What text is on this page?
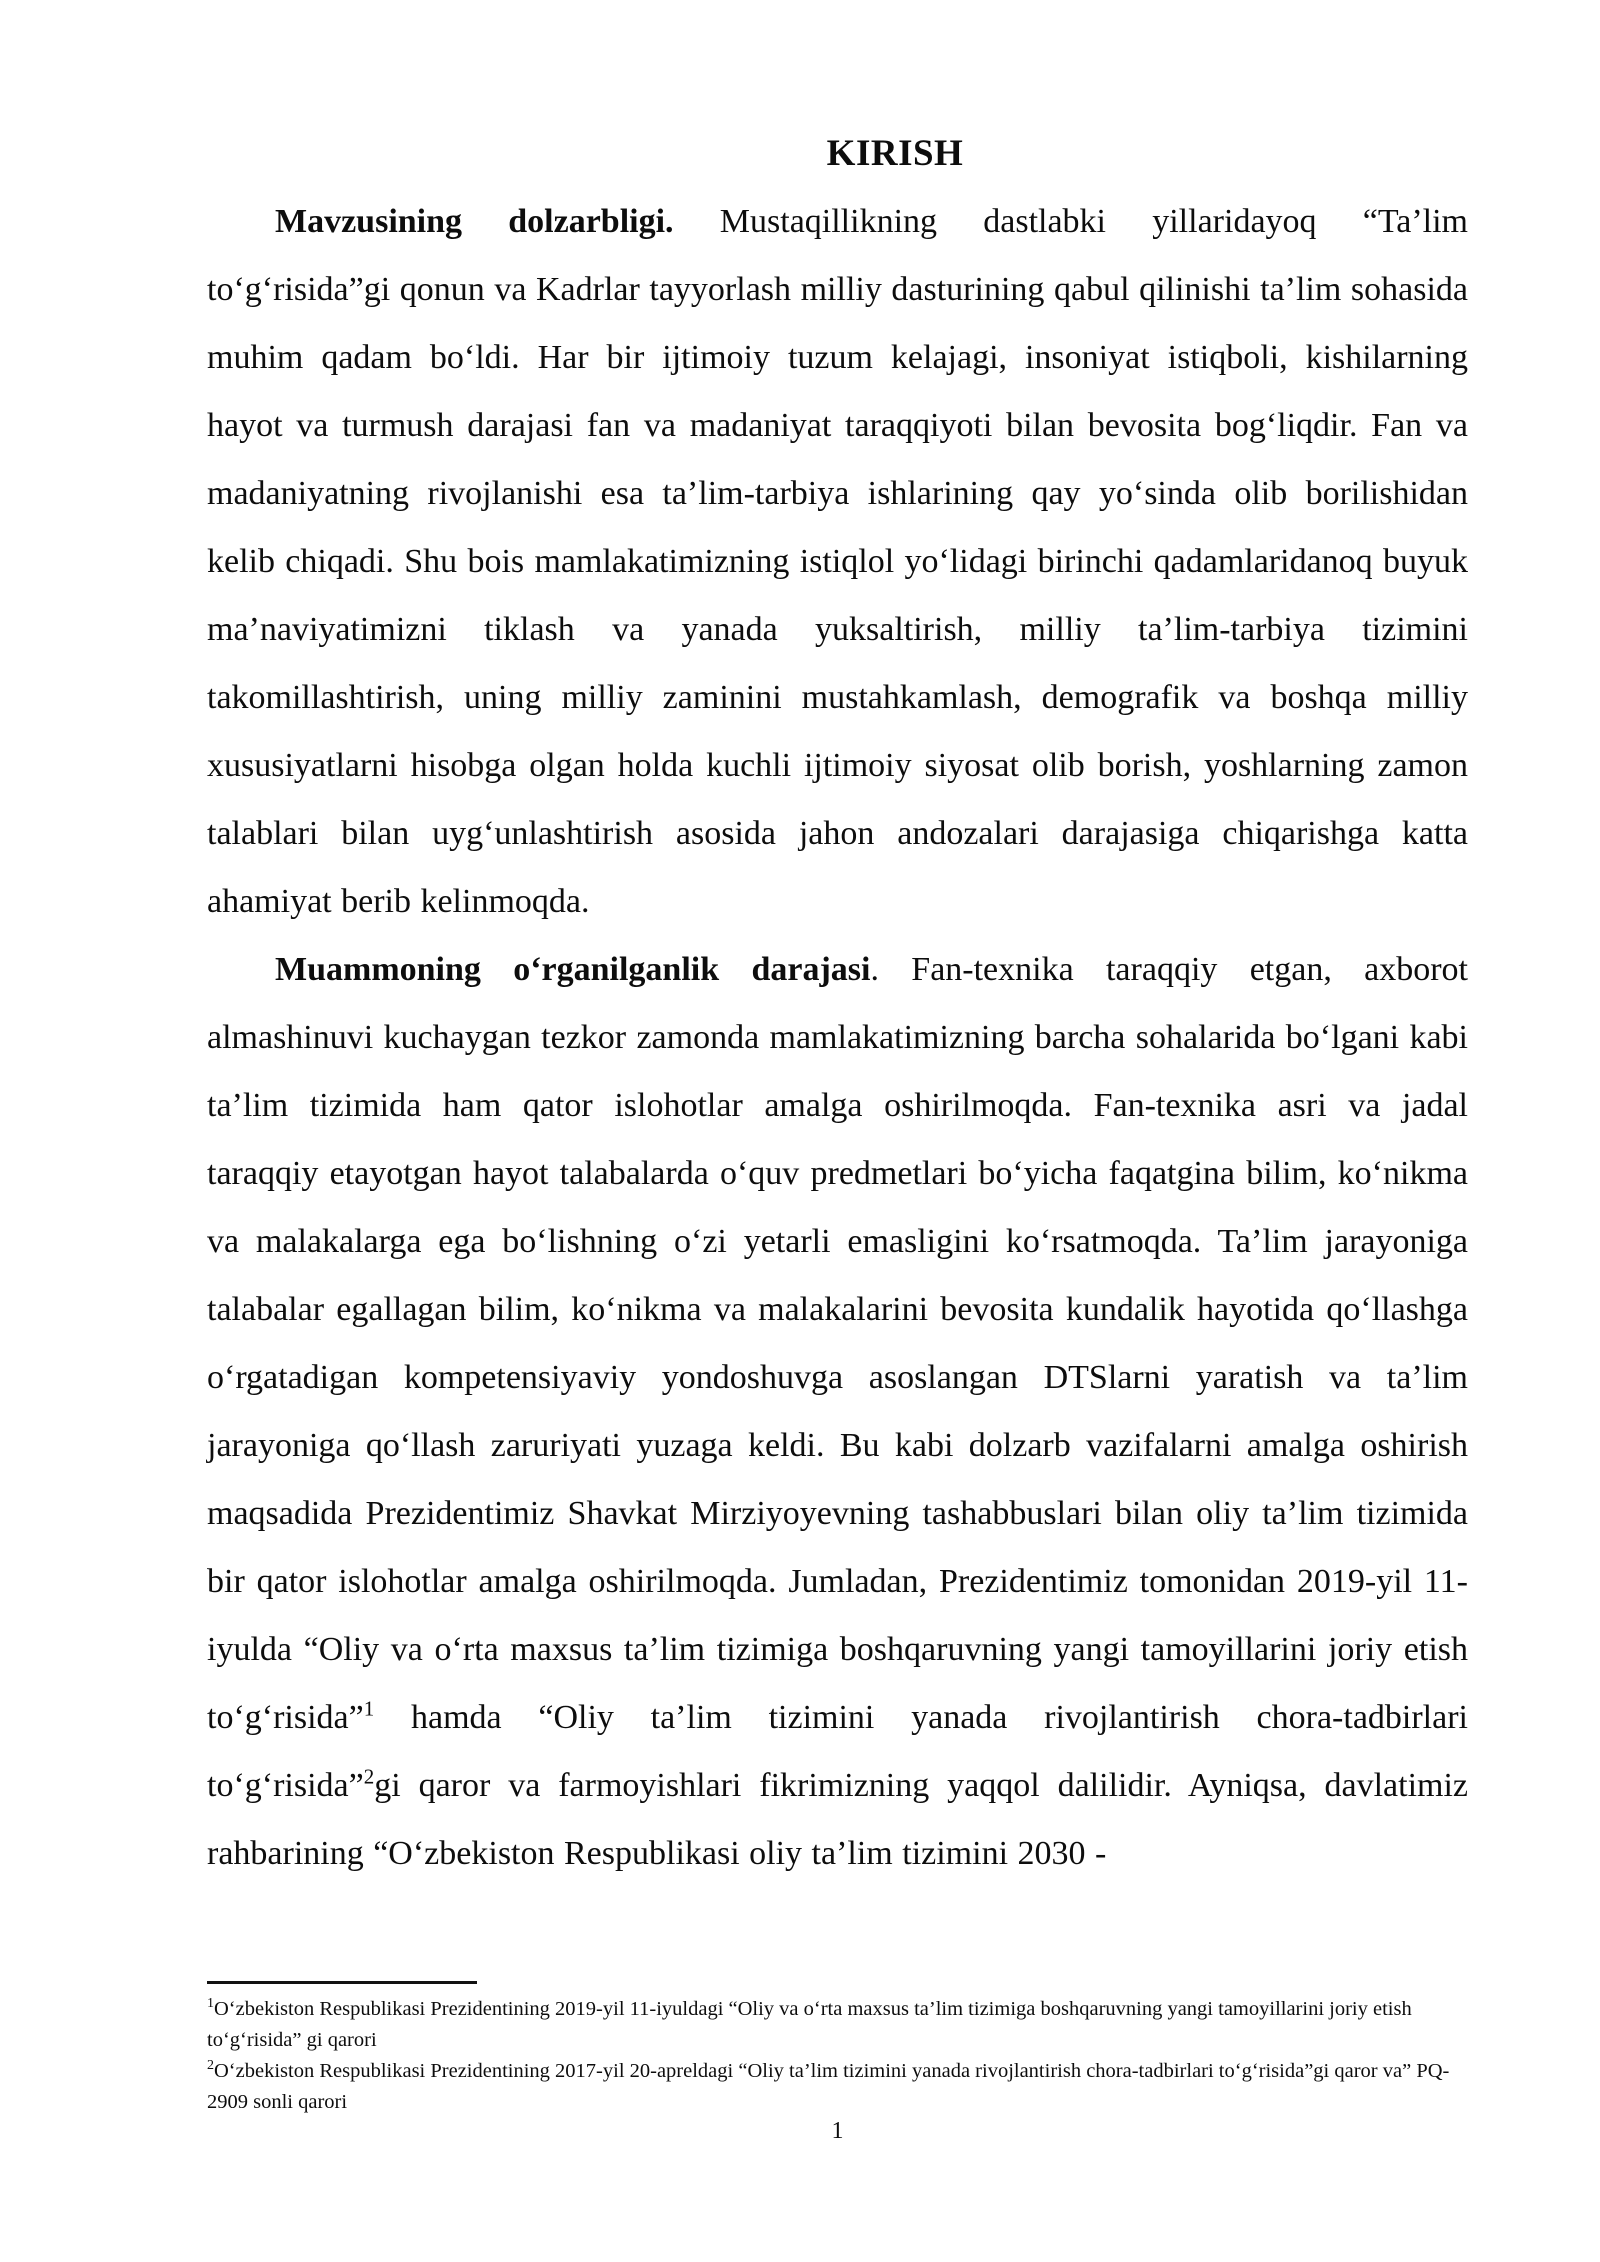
KIRISH

Mavzusining dolzarbligi. Mustaqillikning dastlabki yillaridayoq “Ta’lim to‘g‘risida”gi qonun va Kadrlar tayyorlash milliy dasturining qabul qilinishi ta’lim sohasida muhim qadam bo‘ldi. Har bir ijtimoiy tuzum kelajagi, insoniyat istiqboli, kishilarning hayot va turmush darajasi fan va madaniyat taraqqiyoti bilan bevosita bog‘liqdir. Fan va madaniyatning rivojlanishi esa ta’lim-tarbiya ishlarining qay yo‘sinda olib borilishidan kelib chiqadi. Shu bois mamlakatimizning istiqlol yo‘lidagi birinchi qadamlaridanoq buyuk ma’naviyatimizni tiklash va yanada yuksaltirish, milliy ta’lim-tarbiya tizimini takomillashtirish, uning milliy zaminini mustahkamlash, demografik va boshqa milliy xususiyatlarni hisobga olgan holda kuchli ijtimoiy siyosat olib borish, yoshlarning zamon talablari bilan uyg‘unlashtirish asosida jahon andozalari darajasiga chiqarishga katta ahamiyat berib kelinmoqda.

Muammoning o‘rganilganlik darajasi. Fan-texnika taraqqiy etgan, axborot almashinuvi kuchaygan tezkor zamonda mamlakatimizning barcha sohalarida bo‘lgani kabi ta’lim tizimida ham qator islohotlar amalga oshirilmoqda. Fan-texnika asri va jadal taraqqiy etayotgan hayot talabalarda o‘quv predmetlari bo‘yicha faqatgina bilim, ko‘nikma va malakalarga ega bo‘lishning o‘zi yetarli emasligini ko‘rsatmoqda. Ta’lim jarayoniga talabalar egallagan bilim, ko‘nikma va malakalarini bevosita kundalik hayotida qo‘llashga o‘rgatadigan kompetensiyaviy yondoshuvga asoslangan DTSlarni yaratish va ta’lim jarayoniga qo‘llash zaruriyati yuzaga keldi. Bu kabi dolzarb vazifalarni amalga oshirish maqsadida Prezidentimiz Shavkat Mirziyoyevning tashabbuslari bilan oliy ta’lim tizimida bir qator islohotlar amalga oshirilmoqda. Jumladan, Prezidentimiz tomonidan 2019-yil 11-iyulda “Oliy va o‘rta maxsus ta’lim tizimiga boshqaruvning yangi tamoyillarini joriy etish to‘g‘risida”$^1$ hamda “Oliy ta’lim tizimini yanada rivojlantirish chora-tadbirlari to‘g‘risida”$^2$gi qaror va farmoyishlari fikrimizning yaqqol dalilidir. Ayniqsa, davlatimiz rahbarining “O‘zbekiston Respublikasi oliy ta’lim tizimini 2030 -

$^1$O‘zbekiston Respublikasi Prezidentining 2019-yil 11-iyuldagi “Oliy va o‘rta maxsus ta’lim tizimiga boshqaruvning yangi tamoyillarini joriy etish to‘g‘risida” gi qarori

$^2$O‘zbekiston Respublikasi Prezidentining 2017-yil 20-apreldagi “Oliy ta’lim tizimini yanada rivojlantirish chora-tadbirlari to‘g‘risida”gi qaror va” PQ-2909 sonli qarori

1
